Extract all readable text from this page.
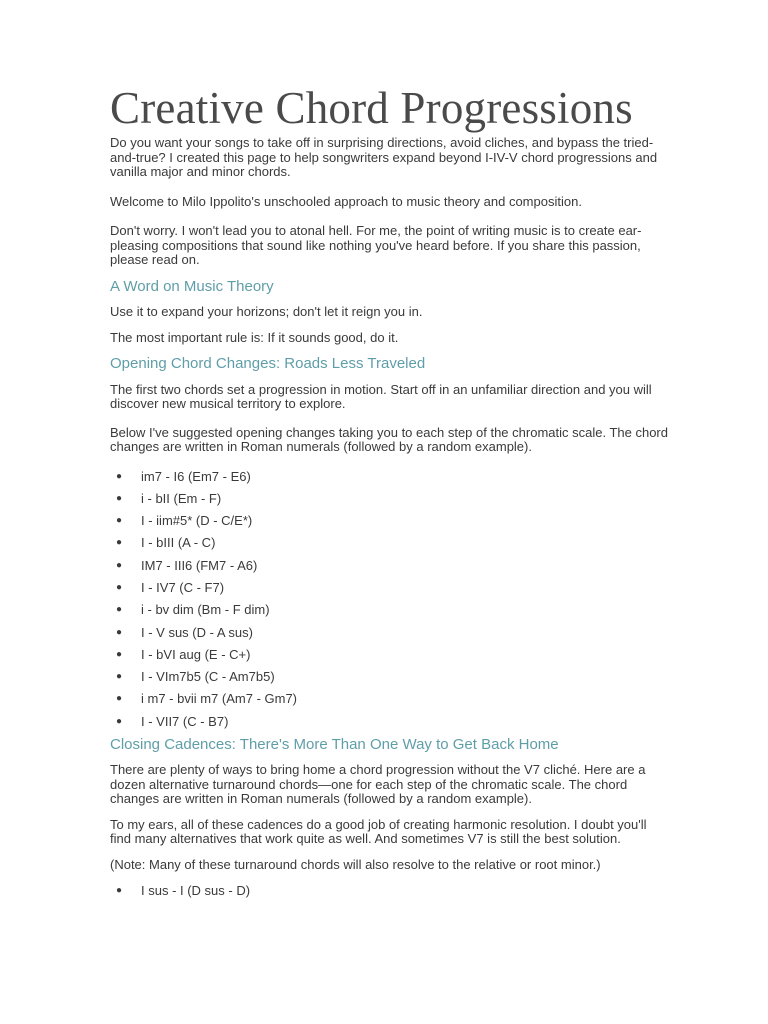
Creative Chord Progressions

Do you want your songs to take off in surprising directions, avoid cliches, and bypass the tried-and-true? I created this page to help songwriters expand beyond I-IV-V chord progressions and vanilla major and minor chords.

Welcome to Milo Ippolito's unschooled approach to music theory and composition.

Don't worry. I won't lead you to atonal hell. For me, the point of writing music is to create ear-pleasing compositions that sound like nothing you've heard before. If you share this passion, please read on.

A Word on Music Theory

Use it to expand your horizons; don't let it reign you in.

The most important rule is: If it sounds good, do it.

Opening Chord Changes: Roads Less Traveled

The first two chords set a progression in motion. Start off in an unfamiliar direction and you will discover new musical territory to explore.

Below I've suggested opening changes taking you to each step of the chromatic scale. The chord changes are written in Roman numerals (followed by a random example).

● im7 - I6 (Em7 - E6)
● i - bII (Em - F)
● I - iim#5* (D - C/E*)
● I - bIII (A - C)
● IM7 - III6 (FM7 - A6)
● I - IV7 (C - F7)
● i - bv dim (Bm - F dim)
● I - V sus (D - A sus)
● I - bVI aug (E - C+)
● I - VIm7b5 (C - Am7b5)
● i m7 - bvii m7 (Am7 - Gm7)
● I - VII7 (C - B7)
Closing Cadences: There's More Than One Way to Get Back Home

There are plenty of ways to bring home a chord progression without the V7 cliché. Here are a dozen alternative turnaround chords—one for each step of the chromatic scale. The chord changes are written in Roman numerals (followed by a random example).

To my ears, all of these cadences do a good job of creating harmonic resolution. I doubt you'll find many alternatives that work quite as well. And sometimes V7 is still the best solution.

(Note: Many of these turnaround chords will also resolve to the relative or root minor.)

● I sus - I (D sus - D)
